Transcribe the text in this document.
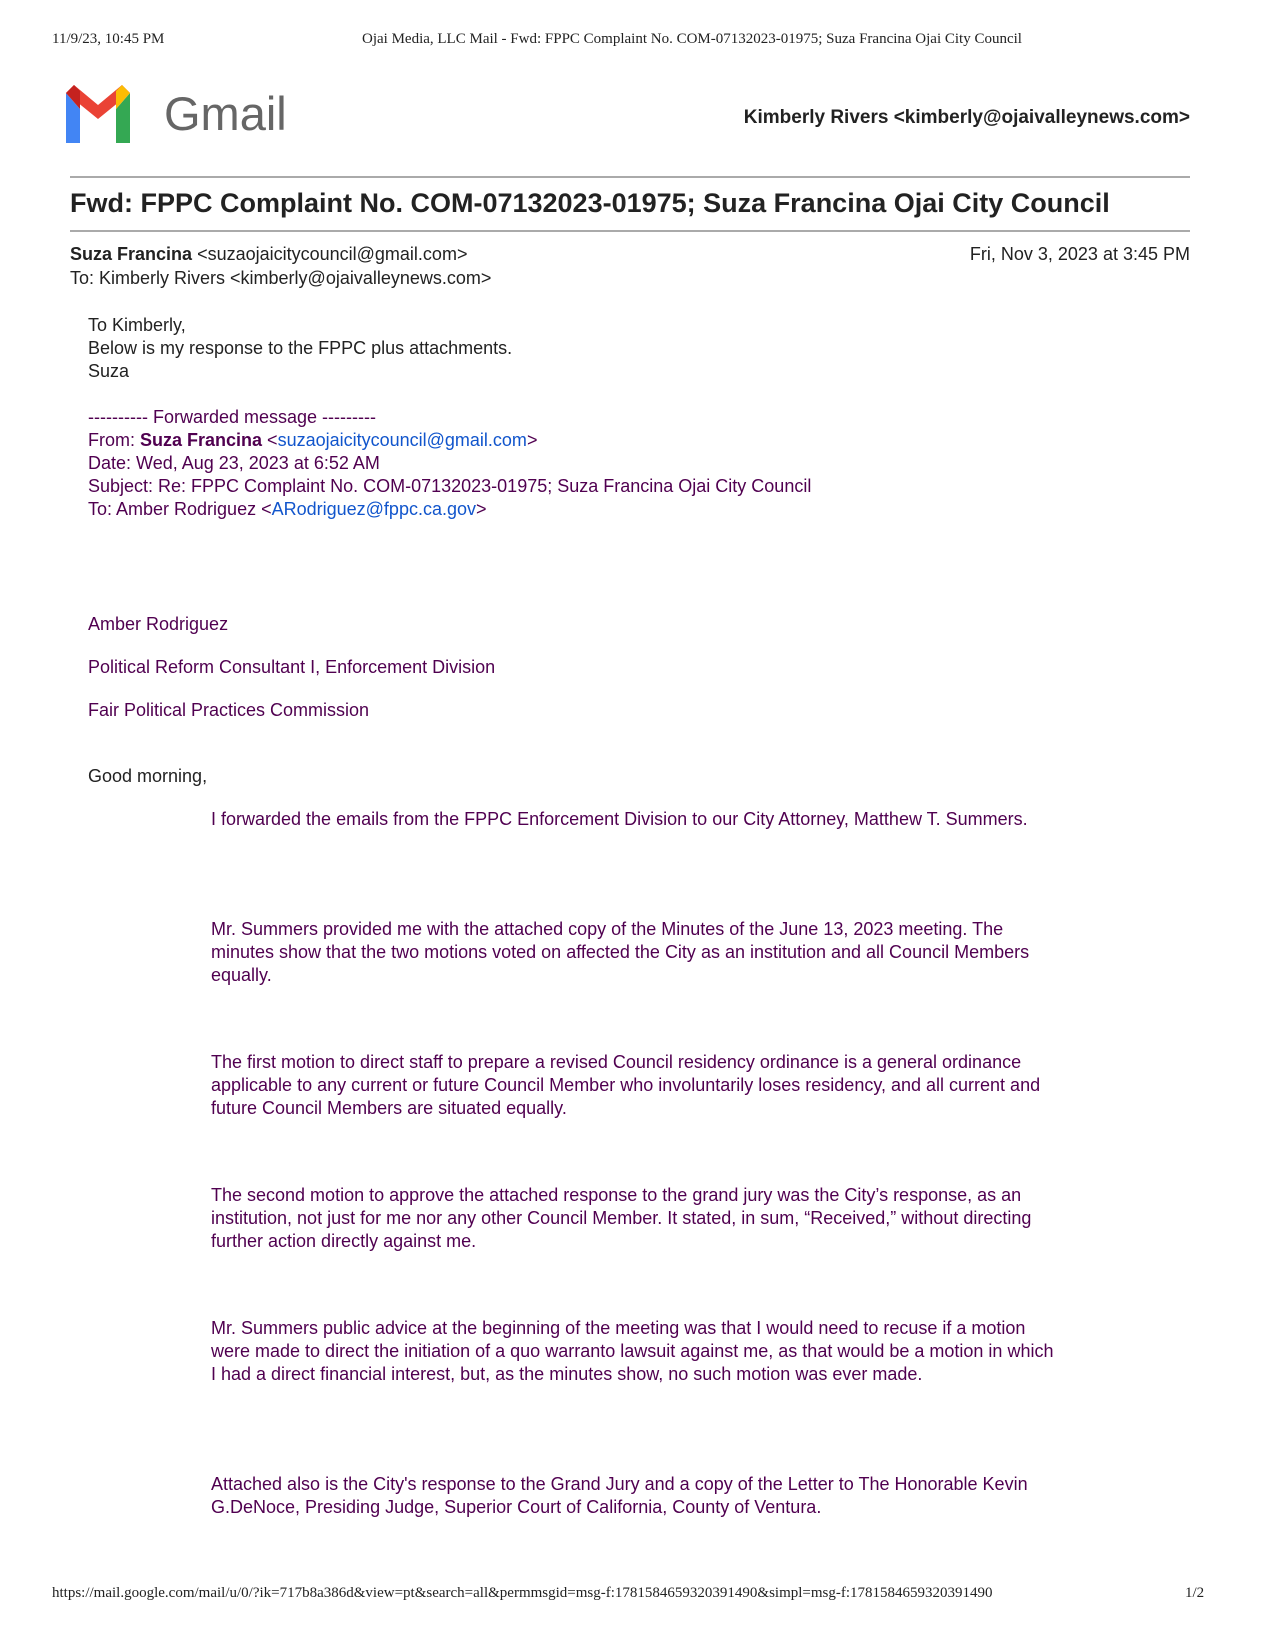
11/9/23, 10:45 PM	Ojai Media, LLC Mail - Fwd: FPPC Complaint No. COM-07132023-01975; Suza Francina Ojai City Council
Gmail	Kimberly Rivers <kimberly@ojaivalleynews.com>
Fwd: FPPC Complaint No. COM-07132023-01975; Suza Francina Ojai City Council
Suza Francina <suzaojaicitycouncil@gmail.com>	Fri, Nov 3, 2023 at 3:45 PM
To: Kimberly Rivers <kimberly@ojaivalleynews.com>
To Kimberly,
Below is my response to the FPPC plus attachments.
Suza
---------- Forwarded message ---------
From: Suza Francina <suzaojaicitycouncil@gmail.com>
Date: Wed, Aug 23, 2023 at 6:52 AM
Subject: Re: FPPC Complaint No. COM-07132023-01975; Suza Francina Ojai City Council
To: Amber Rodriguez <ARodriguez@fppc.ca.gov>
Amber Rodriguez
Political Reform Consultant I, Enforcement Division
Fair Political Practices Commission
Good morning,
I forwarded the emails from the FPPC Enforcement Division to our City Attorney, Matthew T. Summers.
Mr. Summers provided me with the attached copy of the Minutes of the June 13, 2023 meeting. The minutes show that the two motions voted on affected the City as an institution and all Council Members equally.
The first motion to direct staff to prepare a revised Council residency ordinance is a general ordinance applicable to any current or future Council Member who involuntarily loses residency, and all current and future Council Members are situated equally.
The second motion to approve the attached response to the grand jury was the City’s response, as an institution, not just for me nor any other Council Member. It stated, in sum, “Received,” without directing further action directly against me.
Mr. Summers public advice at the beginning of the meeting was that I would need to recuse if a motion were made to direct the initiation of a quo warranto lawsuit against me, as that would be a motion in which I had a direct financial interest, but, as the minutes show, no such motion was ever made.
Attached also is the City's response to the Grand Jury and a copy of the Letter to The Honorable Kevin G.DeNoce, Presiding Judge, Superior Court of California, County of Ventura.
https://mail.google.com/mail/u/0/?ik=717b8a386d&view=pt&search=all&permmsgid=msg-f:1781584659320391490&simpl=msg-f:1781584659320391490	1/2
